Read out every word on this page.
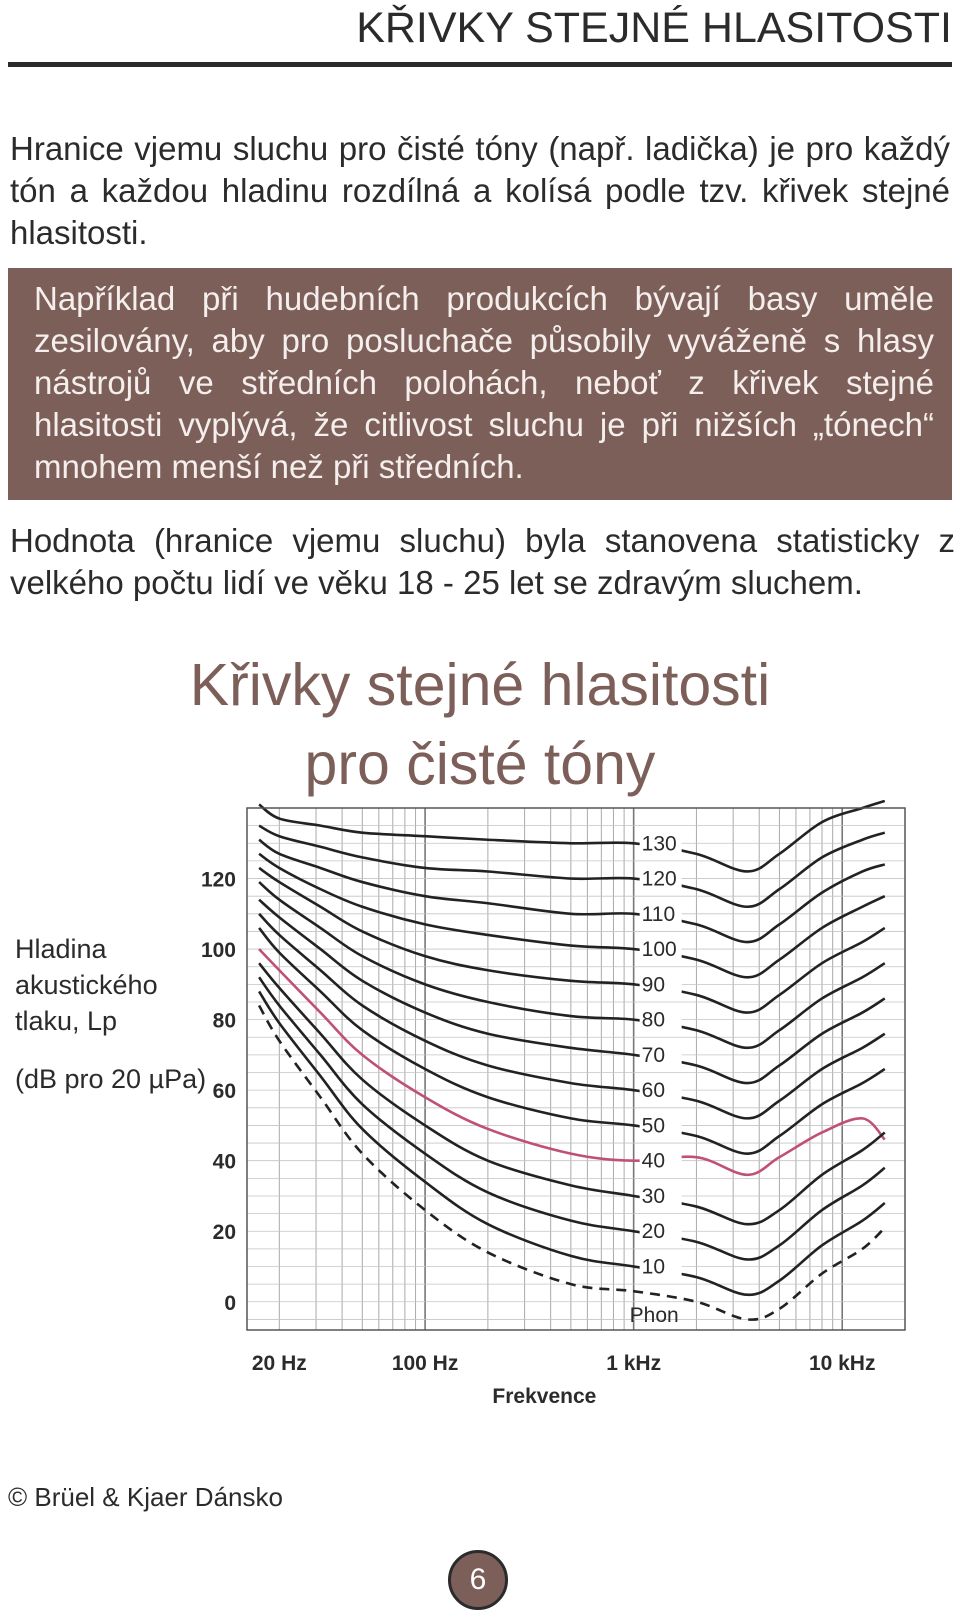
KŘIVKY STEJNÉ HLASITOSTI

Hranice vjemu sluchu pro čisté tóny (např. ladička) je pro každý tón a každou hladinu rozdílná a kolísá podle tzv. křivek stejné hlasitosti.

Například při hudebních produkcích bývají basy uměle zesilovány, aby pro posluchače působily vyváženě s hlasy nástrojů ve středních polohách, neboť z křivek stejné hlasitosti vyplývá, že citlivost sluchu je při nižších „tónech“ mnohem menší než při středních.

Hodnota (hranice vjemu sluchu) byla stanovena statisticky z velkého počtu lidí ve věku 18 - 25 let se zdravým sluchem.

Křivky stejné hlasitosti
pro čisté tóny
130
120
110
100
90
80
70
60
50
40
30
20
10
Phon
0
20
40
60
80
100
120
20 Hz	100 Hz	1 kHz	10 kHz
Frekvence
Hladina
akustického
tlaku, Lp
(dB pro 20 µPa)
© Brüel & Kjaer Dánsko
6
